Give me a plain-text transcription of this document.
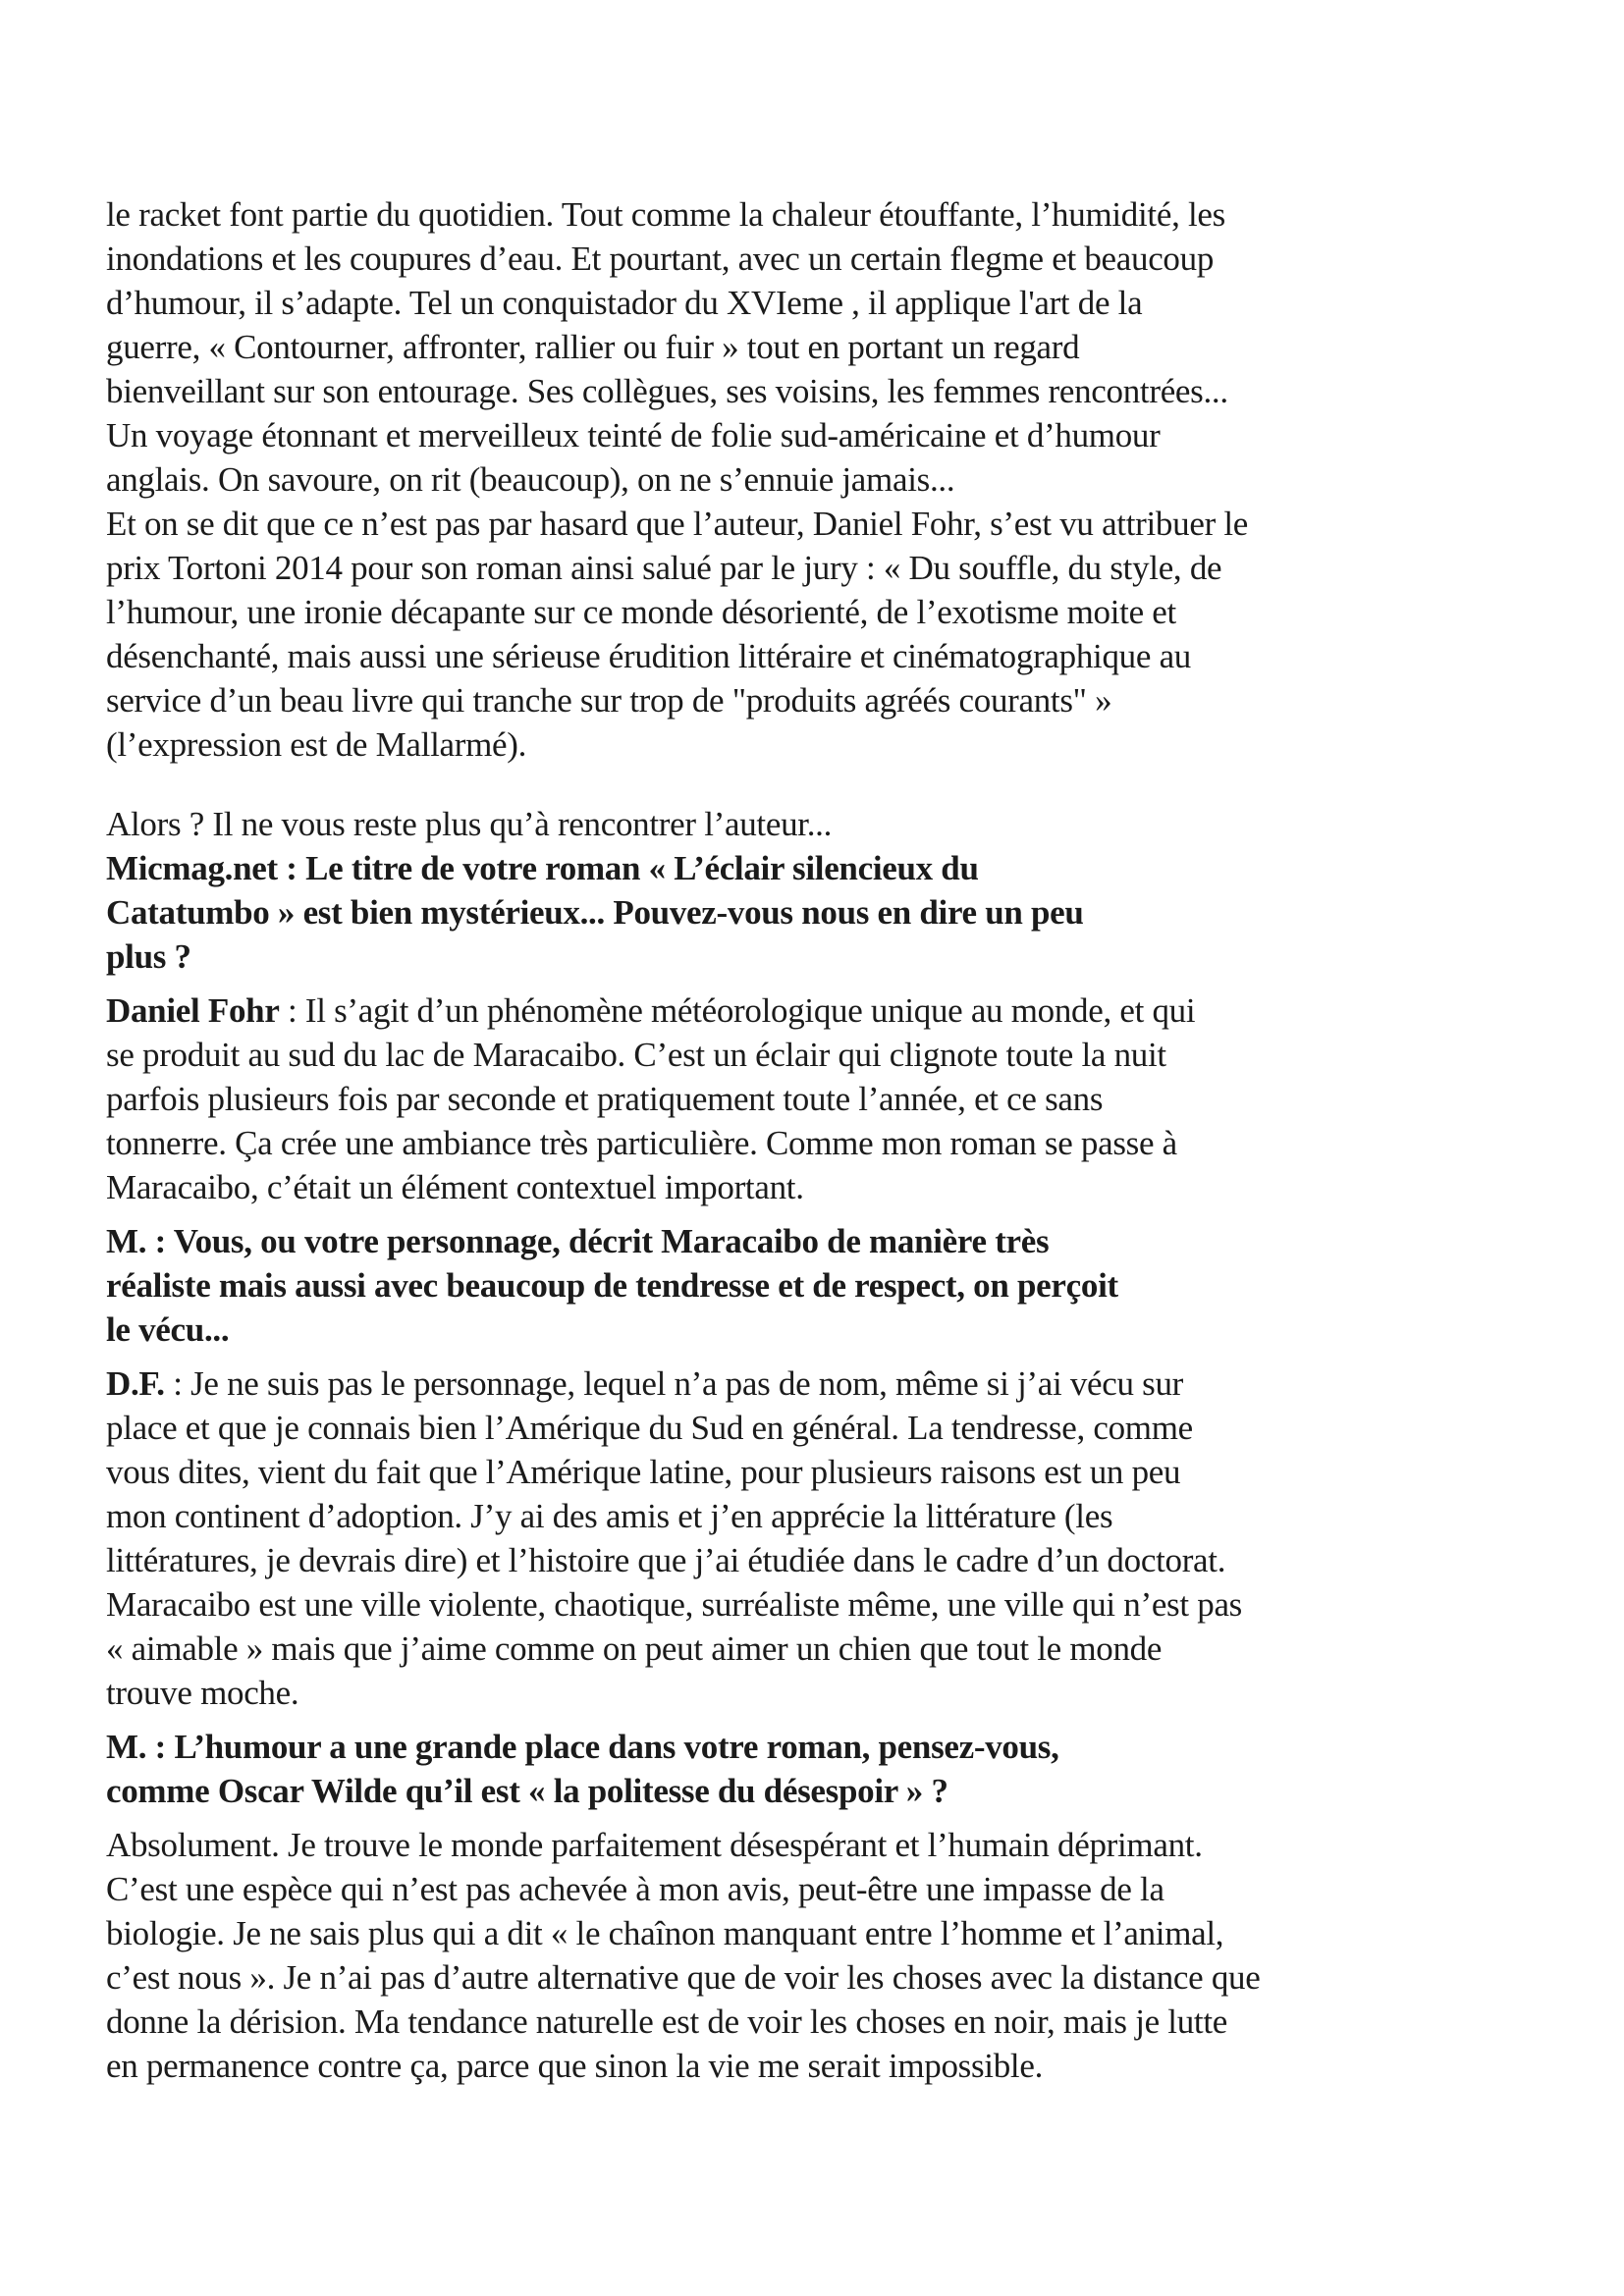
le racket font partie du quotidien. Tout comme la chaleur étouffante, l’humidité, les
inondations et les coupures d’eau. Et pourtant, avec un certain flegme et beaucoup
d’humour, il s’adapte. Tel un conquistador du XVIeme , il applique l'art de la
guerre, « Contourner, affronter, rallier ou fuir » tout en portant un regard
bienveillant sur son entourage. Ses collègues, ses voisins, les femmes rencontrées...
Un voyage étonnant et merveilleux teinté de folie sud-américaine et d’humour
anglais. On savoure, on rit (beaucoup), on ne s’ennuie jamais...
Et on se dit que ce n’est pas par hasard que l’auteur, Daniel Fohr, s’est vu attribuer le
prix Tortoni 2014 pour son roman ainsi salué par le jury : « Du souffle, du style, de
l’humour, une ironie décapante sur ce monde désorienté, de l’exotisme moite et
désenchanté, mais aussi une sérieuse érudition littéraire et cinématographique au
service d’un beau livre qui tranche sur trop de "produits agréés courants" »
(l’expression est de Mallarmé).

Alors ? Il ne vous reste plus qu’à rencontrer l’auteur...

Micmag.net : Le titre de votre roman « L’éclair silencieux du
Catatumbo » est bien mystérieux... Pouvez-vous nous en dire un peu
plus ?

Daniel Fohr : Il s’agit d’un phénomène météorologique unique au monde, et qui
se produit au sud du lac de Maracaibo. C’est un éclair qui clignote toute la nuit
parfois plusieurs fois par seconde et pratiquement toute l’année, et ce sans
tonnerre. Ça crée une ambiance très particulière. Comme mon roman se passe à
Maracaibo, c’était un élément contextuel important.

M. : Vous, ou votre personnage, décrit Maracaibo de manière très
réaliste mais aussi avec beaucoup de tendresse et de respect, on perçoit
le vécu...

D.F. : Je ne suis pas le personnage, lequel n’a pas de nom, même si j’ai vécu sur
place et que je connais bien l’Amérique du Sud en général. La tendresse, comme
vous dites, vient du fait que l’Amérique latine, pour plusieurs raisons est un peu
mon continent d’adoption. J’y ai des amis et j’en apprécie la littérature (les
littératures, je devrais dire) et l’histoire que j’ai étudiée dans le cadre d’un doctorat.
Maracaibo est une ville violente, chaotique, surréaliste même, une ville qui n’est pas
« aimable » mais que j’aime comme on peut aimer un chien que tout le monde
trouve moche.

M. : L’humour a une grande place dans votre roman, pensez-vous,
comme Oscar Wilde qu’il est « la politesse du désespoir » ?

Absolument. Je trouve le monde parfaitement désespérant et l’humain déprimant.
C’est une espèce qui n’est pas achevée à mon avis, peut-être une impasse de la
biologie. Je ne sais plus qui a dit « le chaînon manquant entre l’homme et l’animal,
c’est nous ». Je n’ai pas d’autre alternative que de voir les choses avec la distance que
donne la dérision. Ma tendance naturelle est de voir les choses en noir, mais je lutte
en permanence contre ça, parce que sinon la vie me serait impossible.
